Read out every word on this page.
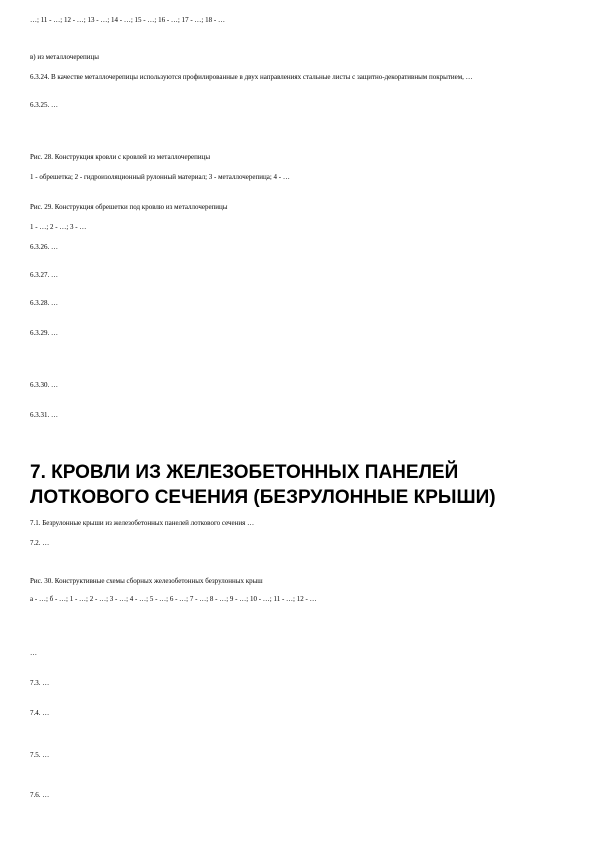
…; 11 - …; 12 - …; 13 - …; 14 - …; 15 - …; 16 - …; 17 - …; 18 - …

в) из металлочерепицы

6.3.24. В качестве металлочерепицы используются профилированные в двух направлениях стальные листы с защитно-декоративным покрытием, …

6.3.25. …

Рис. 28. Конструкция кровли с кровлей из металлочерепицы

1 - обрешетка; 2 - гидроизоляционный рулонный материал; 3 - металлочерепица; 4 - …

Рис. 29. Конструкция обрешетки под кровлю из металлочерепицы

1 - …; 2 - …; 3 - …

6.3.26. …

6.3.27. …

6.3.28. …

6.3.29. …

6.3.30. …

6.3.31. …

7. КРОВЛИ ИЗ ЖЕЛЕЗОБЕТОННЫХ ПАНЕЛЕЙ ЛОТКОВОГО СЕЧЕНИЯ (БЕЗРУЛОННЫЕ КРЫШИ)

7.1. Безрулонные крыши из железобетонных панелей лоткового сечения …

7.2. …

Рис. 30. Конструктивные схемы сборных железобетонных безрулонных крыш

а - …; б - …; 1 - …; 2 - …; 3 - …; 4 - …; 5 - …; 6 - …; 7 - …; 8 - …; 9 - …; 10 - …; 11 - …; 12 - …

…

7.3. …

7.4. …

7.5. …

7.6. …
